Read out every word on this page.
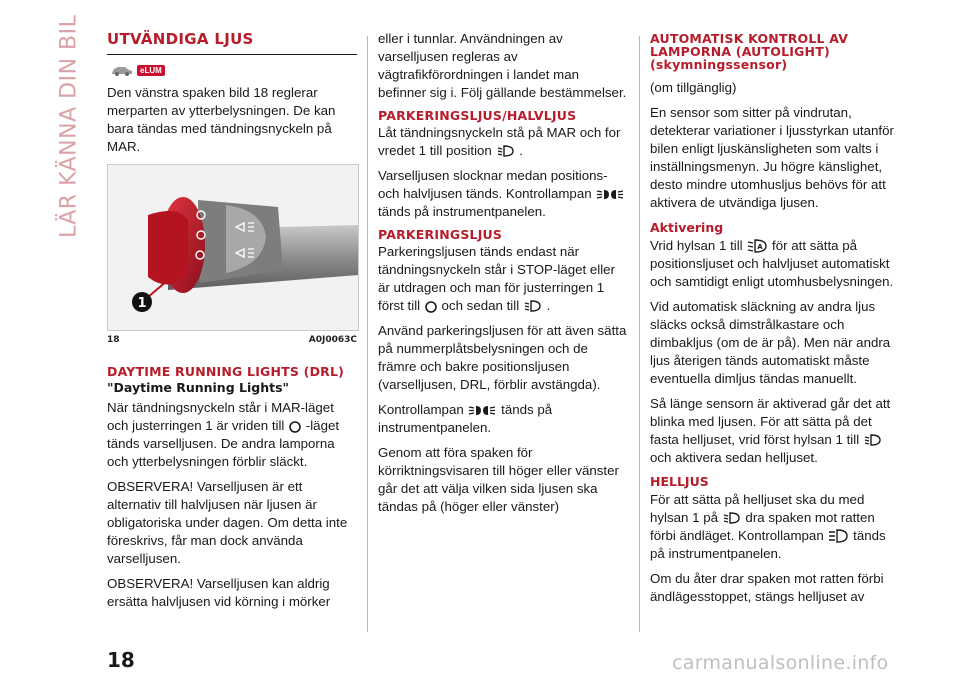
LÄR KÄNNA DIN BIL UTVÄNDIGA LJUS
eLUM

Den vänstra spaken bild 18 reglerar merparten av ytterbelysningen. De kan bara tändas med tändningsnyckeln på MAR.

1
18	A0J0063C
DAYTIME RUNNING LIGHTS (DRL)
"Daytime Running Lights"

När tändningsnyckeln står i MAR-läget och justerringen 1 är vriden till -läget tänds varselljusen. De andra lamporna och ytterbelysningen förblir släckt.

OBSERVERA! Varselljusen är ett alternativ till halvljusen när ljusen är obligatoriska under dagen. Om detta inte föreskrivs, får man dock använda varselljusen.

OBSERVERA! Varselljusen kan aldrig ersätta halvljusen vid körning i mörker

eller i tunnlar. Användningen av varselljusen regleras av vägtrafikförordningen i landet man befinner sig i. Följ gällande bestämmelser.

PARKERINGSLJUS/HALVLJUS

Låt tändningsnyckeln stå på MAR och for vredet 1 till position .

Varselljusen slocknar medan positions- och halvljusen tänds. Kontrollampan  tänds på instrumentpanelen.

PARKERINGSLJUS

Parkeringsljusen tänds endast när tändningsnyckeln står i STOP-läget eller är utdragen och man för justerringen 1 först till och sedan till .

Använd parkeringsljusen för att även sätta på nummerplåtsbelysningen och de främre och bakre positionsljusen (varselljusen, DRL, förblir avstängda).

Kontrollampan	tänds på instrumentpanelen.

Genom att föra spaken för körriktningsvisaren till höger eller vänster går det att välja vilken sida ljusen ska tändas på (höger eller vänster)

AUTOMATISK KONTROLL AV LAMPORNA (AUTOLIGHT) (skymningssensor)

(om tillgänglig)

En sensor som sitter på vindrutan, detekterar variationer i ljusstyrkan utanför bilen enligt ljuskänsligheten som valts i inställningsmenyn. Ju högre känslighet, desto mindre utomhusljus behövs för att aktivera de utvändiga ljusen.

Aktivering

Vrid hylsan 1 till A för att sätta på positionsljuset och halvljuset automatiskt och samtidigt enligt utomhusbelysningen.

Vid automatisk släckning av andra ljus släcks också dimstrålkastare och dimbakljus (om de är på). Men när andra ljus återigen tänds automatiskt måste eventuella dimljus tändas manuellt.

Så länge sensorn är aktiverad går det att blinka med ljusen. För att sätta på det fasta helljuset, vrid först hylsan 1 till  och aktivera sedan helljuset.

HELLJUS

För att sätta på helljuset ska du med hylsan 1 på dra spaken mot ratten förbi ändläget. Kontrollampan tänds på instrumentpanelen.

Om du åter drar spaken mot ratten förbi ändlägesstoppet, stängs helljuset av

18	carmanualsonline.info
